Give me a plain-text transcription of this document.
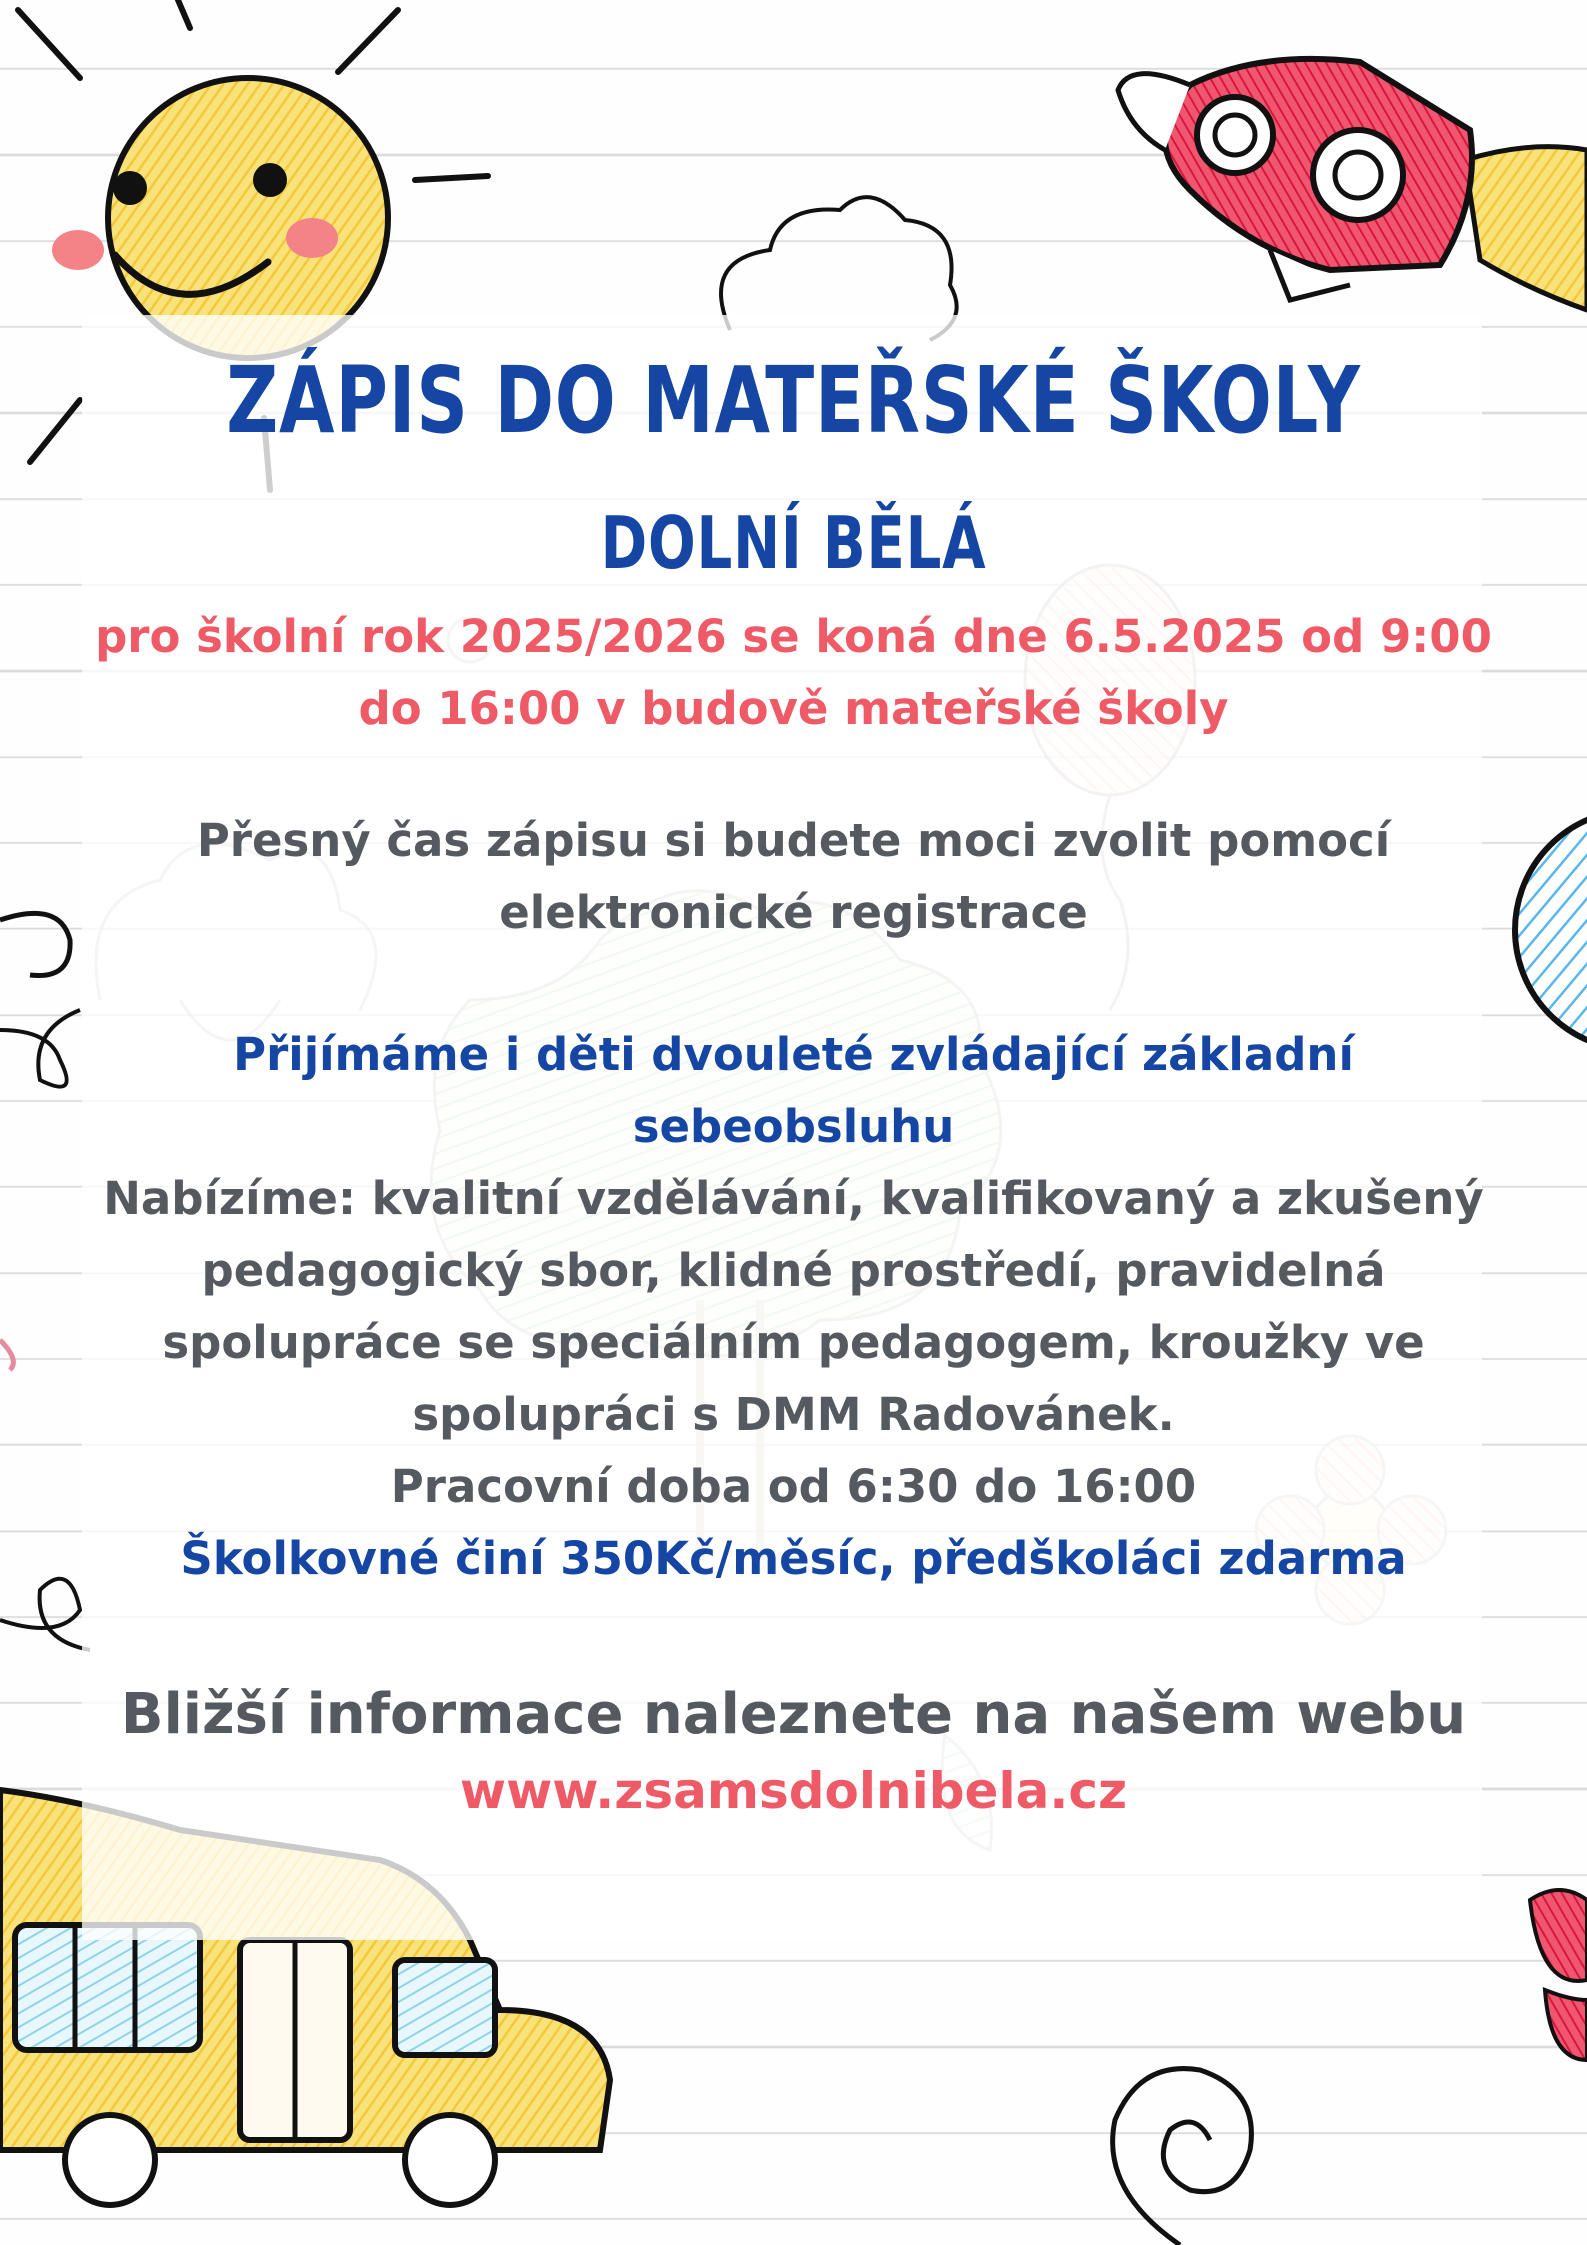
ZÁPIS DO MATEŘSKÉ ŠKOLY
DOLNÍ BĚLÁ

pro školní rok 2025/2026 se koná dne 6.5.2025 od 9:00

do 16:00 v budově mateřské školy

Přesný čas zápisu si budete moci zvolit pomocí

elektronické registrace

Přijímáme i děti dvouleté zvládající základní

sebeobsluhu

Nabízíme: kvalitní vzdělávání, kvalifikovaný a zkušený

pedagogický sbor, klidné prostředí, pravidelná

spolupráce se speciálním pedagogem, kroužky ve

spolupráci s DMM Radovánek.

Pracovní doba od 6:30 do 16:00

Školkovné činí 350Kč/měsíc, předškoláci zdarma

Bližší informace naleznete na našem webu

www.zsamsdolnibela.cz
